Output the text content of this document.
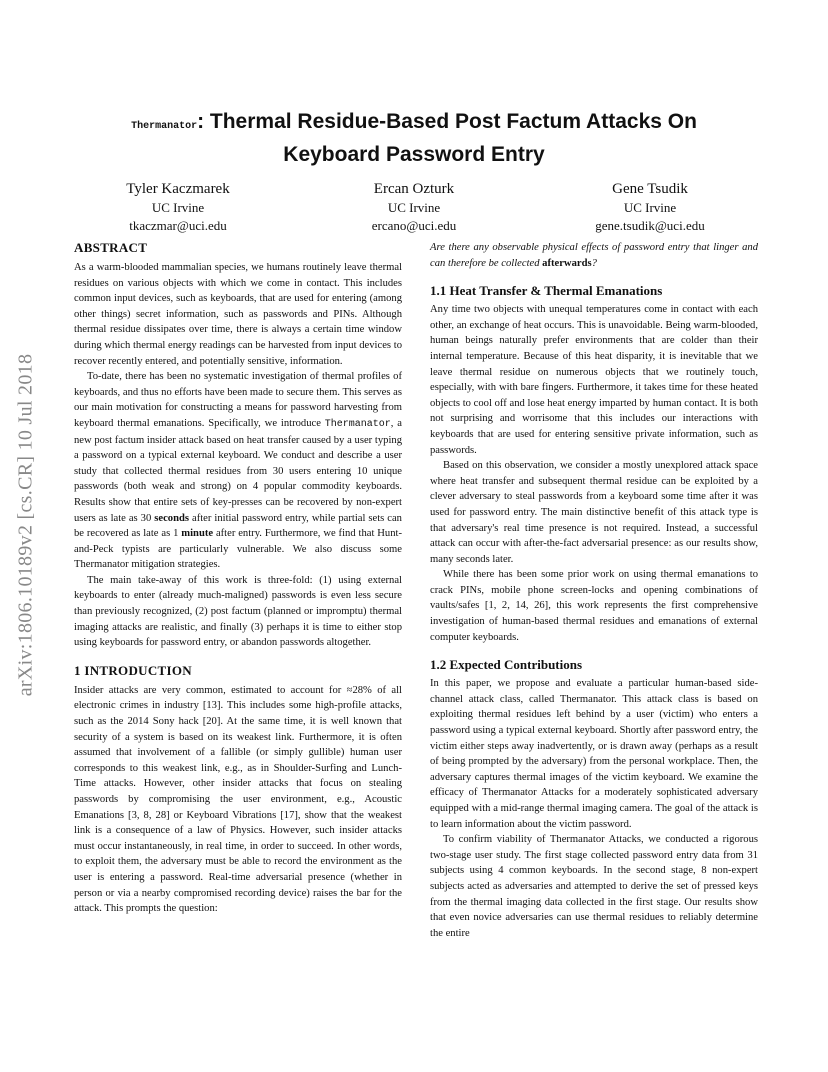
arXiv:1806.10189v2 [cs.CR] 10 Jul 2018
Thermanator: Thermal Residue-Based Post Factum Attacks On
Keyboard Password Entry
Tyler Kaczmarek
UC Irvine
tkaczmar@uci.edu
Ercan Ozturk
UC Irvine
ercano@uci.edu
Gene Tsudik
UC Irvine
gene.tsudik@uci.edu
ABSTRACT

As a warm-blooded mammalian species, we humans routinely leave thermal residues on various objects with which we come in contact. This includes common input devices, such as keyboards, that are used for entering (among other things) secret information, such as passwords and PINs. Although thermal residue dissipates over time, there is always a certain time window during which thermal energy readings can be harvested from input devices to recover recently entered, and potentially sensitive, information.

To-date, there has been no systematic investigation of thermal profiles of keyboards, and thus no efforts have been made to secure them. This serves as our main motivation for constructing a means for password harvesting from keyboard thermal emanations. Specifically, we introduce Thermanator, a new post factum insider attack based on heat transfer caused by a user typing a password on a typical external keyboard. We conduct and describe a user study that collected thermal residues from 30 users entering 10 unique passwords (both weak and strong) on 4 popular commodity keyboards. Results show that entire sets of key-presses can be recovered by non-expert users as late as 30 seconds after initial password entry, while partial sets can be recovered as late as 1 minute after entry. Furthermore, we find that Hunt-and-Peck typists are particularly vulnerable. We also discuss some Thermanator mitigation strategies.

The main take-away of this work is three-fold: (1) using external keyboards to enter (already much-maligned) passwords is even less secure than previously recognized, (2) post factum (planned or impromptu) thermal imaging attacks are realistic, and finally (3) perhaps it is time to either stop using keyboards for password entry, or abandon passwords altogether.

1 INTRODUCTION

Insider attacks are very common, estimated to account for ≈28% of all electronic crimes in industry [13]. This includes some high-profile attacks, such as the 2014 Sony hack [20]. At the same time, it is well known that security of a system is based on its weakest link. Furthermore, it is often assumed that involvement of a fallible (or simply gullible) human user corresponds to this weakest link, e.g., as in Shoulder-Surfing and Lunch-Time attacks. However, other insider attacks that focus on stealing passwords by compromising the user environment, e.g., Acoustic Emanations [3, 8, 28] or Keyboard Vibrations [17], show that the weakest link is a consequence of a law of Physics. However, such insider attacks must occur instantaneously, in real time, in order to succeed. In other words, to exploit them, the adversary must be able to record the environment as the user is entering a password. Real-time adversarial presence (whether in person or via a nearby compromised recording device) raises the bar for the attack. This prompts the question:

Are there any observable physical effects of password entry that linger and can therefore be collected afterwards?

1.1 Heat Transfer & Thermal Emanations

Any time two objects with unequal temperatures come in contact with each other, an exchange of heat occurs. This is unavoidable. Being warm-blooded, human beings naturally prefer environments that are colder than their internal temperature. Because of this heat disparity, it is inevitable that we leave thermal residue on numerous objects that we routinely touch, especially, with with bare fingers. Furthermore, it takes time for these heated objects to cool off and lose heat energy imparted by human contact. It is both not surprising and worrisome that this includes our interactions with keyboards that are used for entering sensitive private information, such as passwords.

Based on this observation, we consider a mostly unexplored attack space where heat transfer and subsequent thermal residue can be exploited by a clever adversary to steal passwords from a keyboard some time after it was used for password entry. The main distinctive benefit of this attack type is that adversary's real time presence is not required. Instead, a successful attack can occur with after-the-fact adversarial presence: as our results show, many seconds later.

While there has been some prior work on using thermal emanations to crack PINs, mobile phone screen-locks and opening combinations of vaults/safes [1, 2, 14, 26], this work represents the first comprehensive investigation of human-based thermal residues and emanations of external computer keyboards.

1.2 Expected Contributions

In this paper, we propose and evaluate a particular human-based side-channel attack class, called Thermanator. This attack class is based on exploiting thermal residues left behind by a user (victim) who enters a password using a typical external keyboard. Shortly after password entry, the victim either steps away inadvertently, or is drawn away (perhaps as a result of being prompted by the adversary) from the personal workplace. Then, the adversary captures thermal images of the victim keyboard. We examine the efficacy of Thermanator Attacks for a moderately sophisticated adversary equipped with a mid-range thermal imaging camera. The goal of the attack is to learn information about the victim password.

To confirm viability of Thermanator Attacks, we conducted a rigorous two-stage user study. The first stage collected password entry data from 31 subjects using 4 common keyboards. In the second stage, 8 non-expert subjects acted as adversaries and attempted to derive the set of pressed keys from the thermal imaging data collected in the first stage. Our results show that even novice adversaries can use thermal residues to reliably determine the entire
